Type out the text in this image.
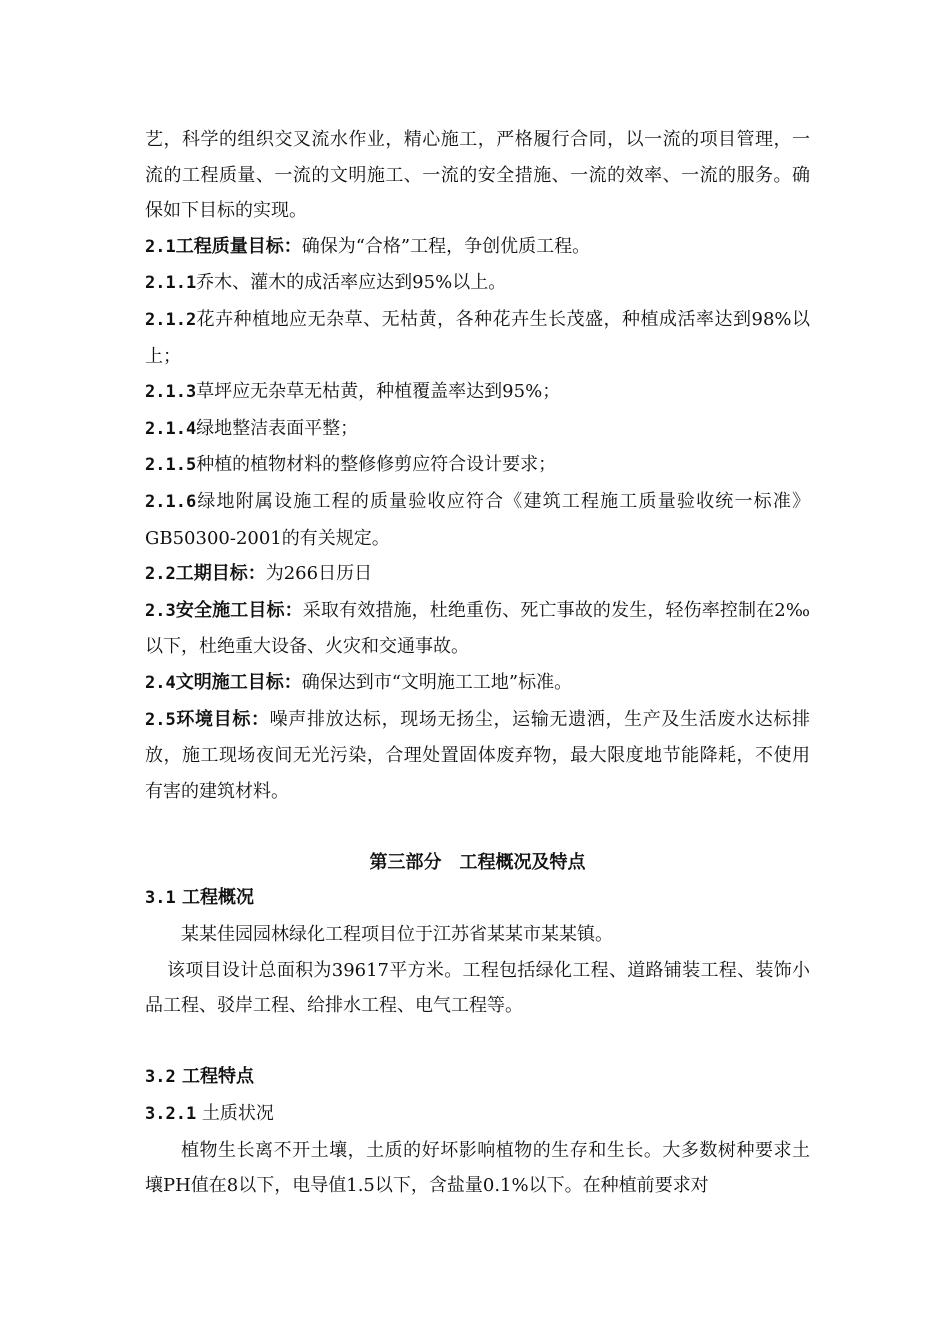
艺，科学的组织交叉流水作业，精心施工，严格履行合同，以一流的项目管理，一流的工程质量、一流的文明施工、一流的安全措施、一流的效率、一流的服务。确保如下目标的实现。

2.1工程质量目标：确保为“合格”工程，争创优质工程。

2.1.1乔木、灌木的成活率应达到95%以上。

2.1.2花卉种植地应无杂草、无枯黄，各种花卉生长茂盛，种植成活率达到98%以上；

2.1.3草坪应无杂草无枯黄，种植覆盖率达到95%；

2.1.4绿地整洁表面平整；

2.1.5种植的植物材料的整修修剪应符合设计要求；

2.1.6绿地附属设施工程的质量验收应符合《建筑工程施工质量验收统一标准》GB50300-2001的有关规定。

2.2工期目标：为266日历日

2.3安全施工目标：采取有效措施，杜绝重伤、死亡事故的发生，轻伤率控制在2‰以下，杜绝重大设备、火灾和交通事故。

2.4文明施工目标：确保达到市“文明施工工地”标准。

2.5环境目标：噪声排放达标，现场无扬尘，运输无遗洒，生产及生活废水达标排放，施工现场夜间无光污染，合理处置固体废弃物，最大限度地节能降耗，不使用有害的建筑材料。

第三部分　工程概况及特点

3.1 工程概况

某某佳园园林绿化工程项目位于江苏省某某市某某镇。

该项目设计总面积为39617平方米。工程包括绿化工程、道路铺装工程、装饰小品工程、驳岸工程、给排水工程、电气工程等。

3.2 工程特点

3.2.1 土质状况

植物生长离不开土壤，土质的好坏影响植物的生存和生长。大多数树种要求土壤PH值在8以下，电导值1.5以下，含盐量0.1%以下。在种植前要求对
